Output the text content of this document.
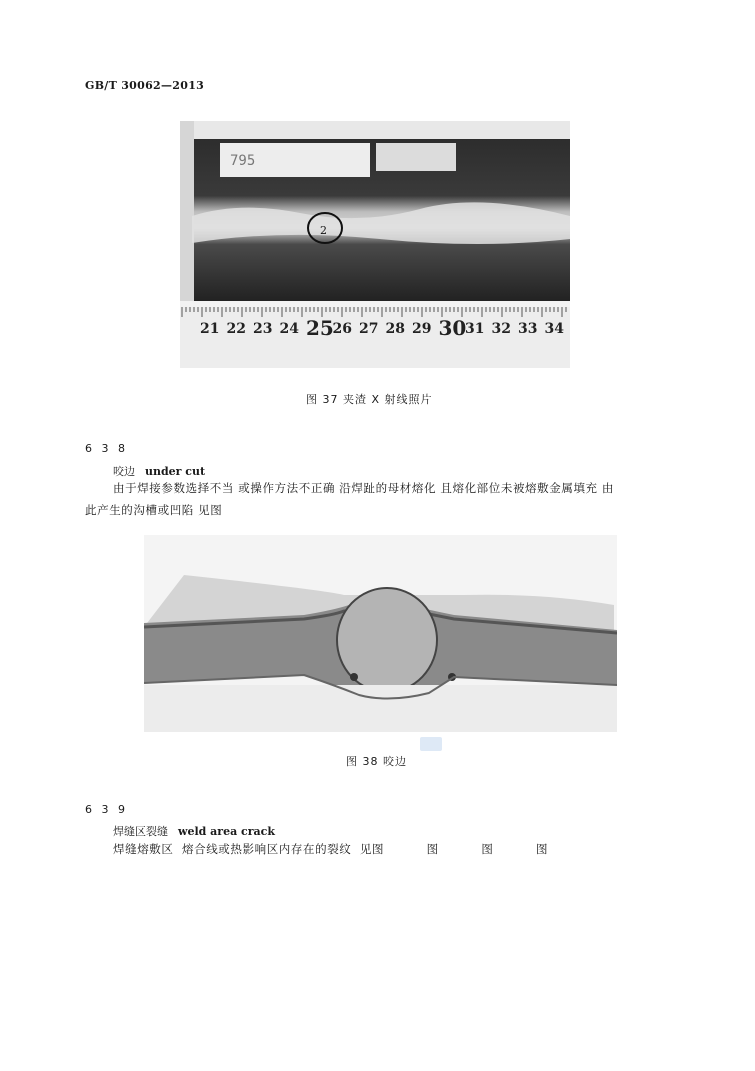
GB/T 30062—2013
795
2
21 22 23 24 25
26 27 28 29 30
31 32 33 34
图 37 夹渣 X 射线照片
6 3 8
咬边 under cut
由于焊接参数选择不当 或操作方法不正确 沿焊趾的母材熔化 且熔化部位未被熔敷金属填充 由
此产生的沟槽或凹陷 见图
图 38 咬边
6 3 9
焊缝区裂缝 weld area crack
焊缝熔敷区  熔合线或热影响区内存在的裂纹  见图          图          图          图
